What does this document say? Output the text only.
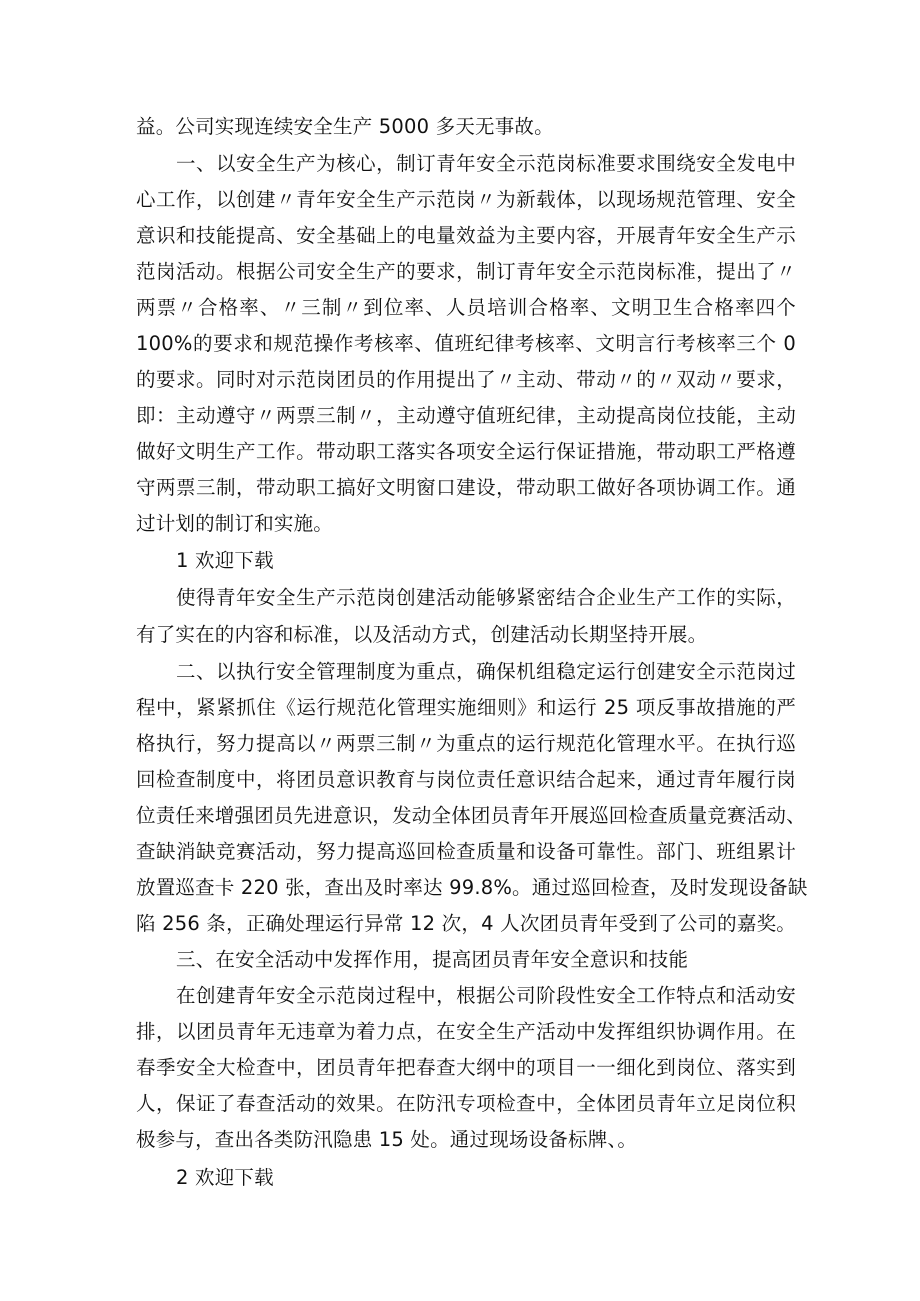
益。公司实现连续安全生产 5000 多天无事故。
一、以安全生产为核心，制订青年安全示范岗标准要求围绕安全发电中
心工作，以创建〃青年安全生产示范岗〃为新载体，以现场规范管理、安全
意识和技能提高、安全基础上的电量效益为主要内容，开展青年安全生产示
范岗活动。根据公司安全生产的要求，制订青年安全示范岗标准，提出了〃
两票〃合格率、〃三制〃到位率、人员培训合格率、文明卫生合格率四个
100%的要求和规范操作考核率、值班纪律考核率、文明言行考核率三个 0
的要求。同时对示范岗团员的作用提出了〃主动、带动〃的〃双动〃要求，
即：主动遵守〃两票三制〃，主动遵守值班纪律，主动提高岗位技能，主动
做好文明生产工作。带动职工落实各项安全运行保证措施，带动职工严格遵
守两票三制，带动职工搞好文明窗口建设，带动职工做好各项协调工作。通
过计划的制订和实施。
1 欢迎下载
使得青年安全生产示范岗创建活动能够紧密结合企业生产工作的实际，
有了实在的内容和标准，以及活动方式，创建活动长期坚持开展。
二、以执行安全管理制度为重点，确保机组稳定运行创建安全示范岗过
程中，紧紧抓住《运行规范化管理实施细则》和运行 25 项反事故措施的严
格执行，努力提高以〃两票三制〃为重点的运行规范化管理水平。在执行巡
回检查制度中，将团员意识教育与岗位责任意识结合起来，通过青年履行岗
位责任来增强团员先进意识，发动全体团员青年开展巡回检查质量竞赛活动、
查缺消缺竞赛活动，努力提高巡回检查质量和设备可靠性。部门、班组累计
放置巡查卡 220 张，查出及时率达 99.8%。通过巡回检查，及时发现设备缺
陷 256 条，正确处理运行异常 12 次，4 人次团员青年受到了公司的嘉奖。
三、在安全活动中发挥作用，提高团员青年安全意识和技能
在创建青年安全示范岗过程中，根据公司阶段性安全工作特点和活动安
排，以团员青年无违章为着力点，在安全生产活动中发挥组织协调作用。在
春季安全大检查中，团员青年把春查大纲中的项目一一细化到岗位、落实到
人，保证了春查活动的效果。在防汛专项检查中，全体团员青年立足岗位积
极参与，查出各类防汛隐患 15 处。通过现场设备标牌、。
2 欢迎下载
